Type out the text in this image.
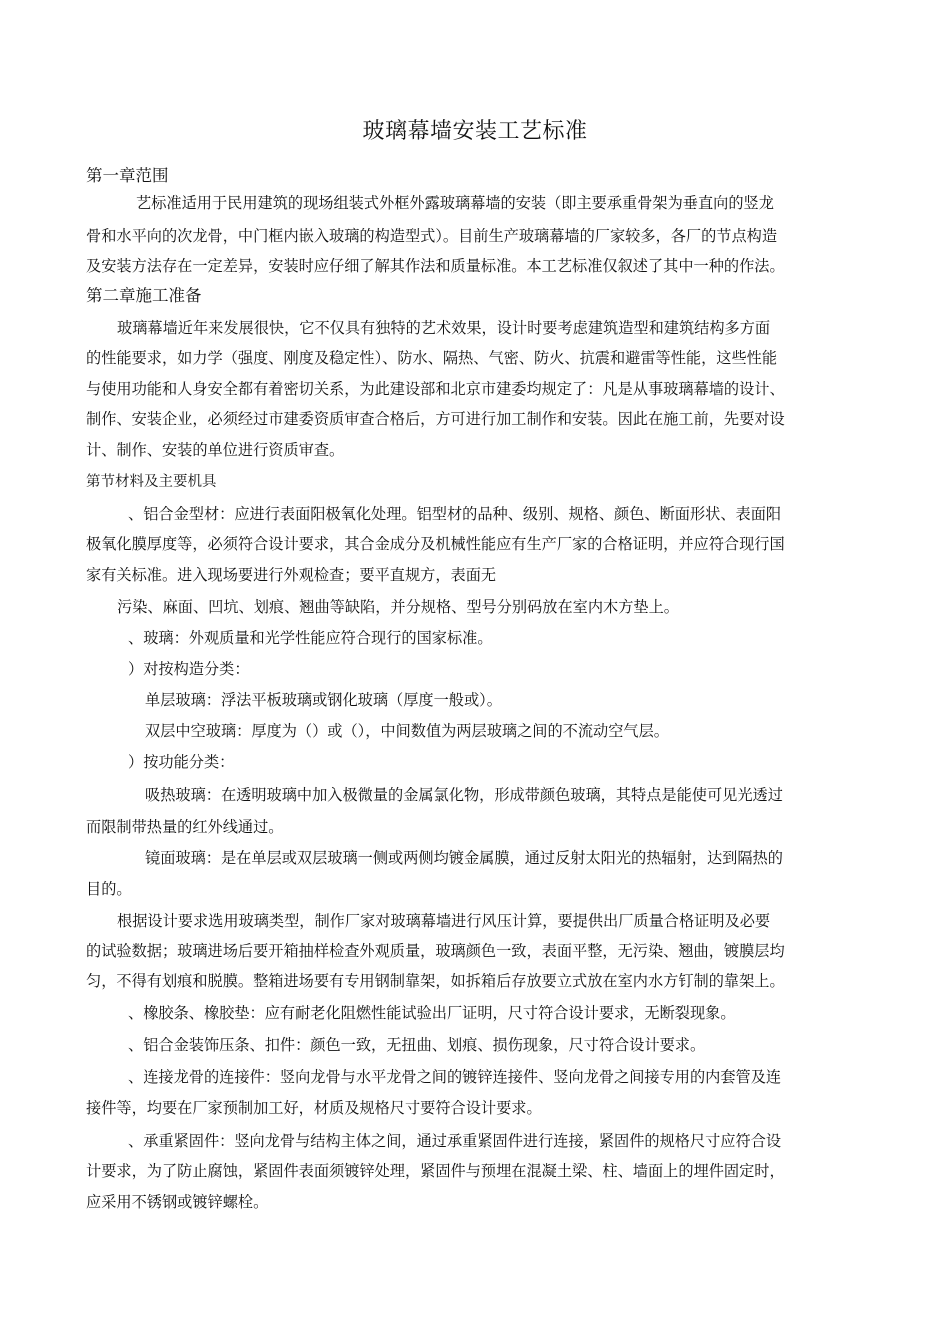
玻璃幕墙安装工艺标准
第一章范围
艺标准适用于民用建筑的现场组装式外框外露玻璃幕墙的安装（即主要承重骨架为垂直向的竖龙
骨和水平向的次龙骨，中门框内嵌入玻璃的构造型式）。目前生产玻璃幕墙的厂家较多，各厂的节点构造
及安装方法存在一定差异，安装时应仔细了解其作法和质量标准。本工艺标准仅叙述了其中一种的作法。
第二章施工准备
玻璃幕墙近年来发展很快，它不仅具有独特的艺术效果，设计时要考虑建筑造型和建筑结构多方面
的性能要求，如力学（强度、刚度及稳定性）、防水、隔热、气密、防火、抗震和避雷等性能，这些性能
与使用功能和人身安全都有着密切关系，为此建设部和北京市建委均规定了：凡是从事玻璃幕墙的设计、
制作、安装企业，必须经过市建委资质审查合格后，方可进行加工制作和安装。因此在施工前，先要对设
计、制作、安装的单位进行资质审查。
第节材料及主要机具
、铝合金型材：应进行表面阳极氧化处理。铝型材的品种、级别、规格、颜色、断面形状、表面阳
极氧化膜厚度等，必须符合设计要求，其合金成分及机械性能应有生产厂家的合格证明，并应符合现行国
家有关标准。进入现场要进行外观检查；要平直规方，表面无
污染、麻面、凹坑、划痕、翘曲等缺陷，并分规格、型号分别码放在室内木方垫上。
、玻璃：外观质量和光学性能应符合现行的国家标准。
）对按构造分类：
单层玻璃：浮法平板玻璃或钢化玻璃（厚度一般或）。
双层中空玻璃：厚度为（）或（），中间数值为两层玻璃之间的不流动空气层。
）按功能分类：
吸热玻璃：在透明玻璃中加入极微量的金属氯化物，形成带颜色玻璃，其特点是能使可见光透过
而限制带热量的红外线通过。
镜面玻璃：是在单层或双层玻璃一侧或两侧均镀金属膜，通过反射太阳光的热辐射，达到隔热的
目的。
根据设计要求选用玻璃类型，制作厂家对玻璃幕墙进行风压计算，要提供出厂质量合格证明及必要
的试验数据；玻璃进场后要开箱抽样检查外观质量，玻璃颜色一致，表面平整，无污染、翘曲，镀膜层均
匀，不得有划痕和脱膜。整箱进场要有专用钢制靠架，如拆箱后存放要立式放在室内水方钉制的靠架上。
、橡胶条、橡胶垫：应有耐老化阻燃性能试验出厂证明，尺寸符合设计要求，无断裂现象。
、铝合金装饰压条、扣件：颜色一致，无扭曲、划痕、损伤现象，尺寸符合设计要求。
、连接龙骨的连接件：竖向龙骨与水平龙骨之间的镀锌连接件、竖向龙骨之间接专用的内套管及连
接件等，均要在厂家预制加工好，材质及规格尺寸要符合设计要求。
、承重紧固件：竖向龙骨与结构主体之间，通过承重紧固件进行连接，紧固件的规格尺寸应符合设
计要求，为了防止腐蚀，紧固件表面须镀锌处理，紧固件与预埋在混凝土梁、柱、墙面上的埋件固定时，
应采用不锈钢或镀锌螺栓。
